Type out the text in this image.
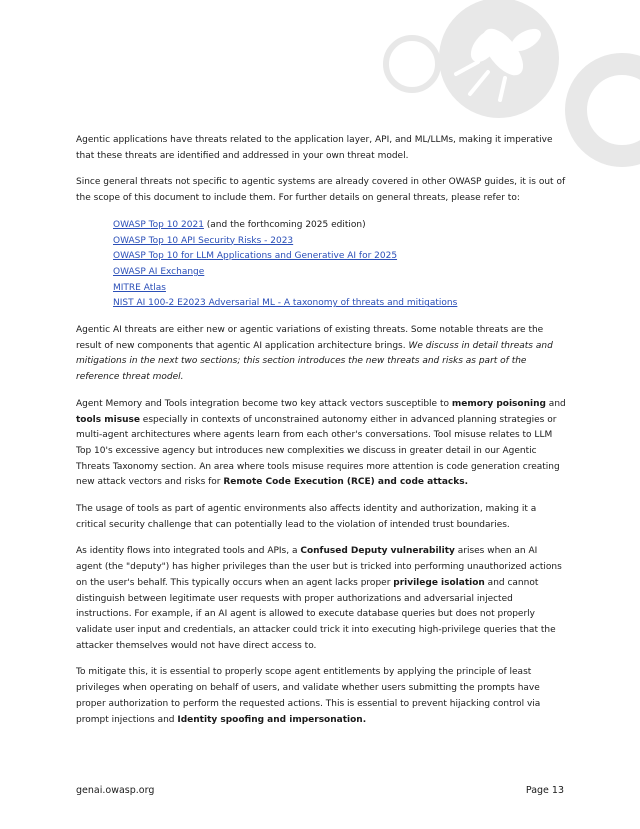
Agentic applications have threats related to the application layer, API, and ML/LLMs, making it imperative that these threats are identified and addressed in your own threat model.

Since general threats not specific to agentic systems are already covered in other OWASP guides, it is out of the scope of this document to include them. For further details on general threats, please refer to:

OWASP Top 10 2021 (and the forthcoming 2025 edition)
OWASP Top 10 API Security Risks - 2023
OWASP Top 10 for LLM Applications and Generative AI for 2025
OWASP AI Exchange
MITRE Atlas
NIST AI 100-2 E2023 Adversarial ML - A taxonomy of threats and mitigations

Agentic AI threats are either new or agentic variations of existing threats. Some notable threats are the result of new components that agentic AI application architecture brings. We discuss in detail threats and mitigations in the next two sections; this section introduces the new threats and risks as part of the reference threat model.

Agent Memory and Tools integration become two key attack vectors susceptible to memory poisoning and tools misuse especially in contexts of unconstrained autonomy either in advanced planning strategies or multi-agent architectures where agents learn from each other's conversations. Tool misuse relates to LLM Top 10's excessive agency but introduces new complexities we discuss in greater detail in our Agentic Threats Taxonomy section. An area where tools misuse requires more attention is code generation creating new attack vectors and risks for Remote Code Execution (RCE) and code attacks.

The usage of tools as part of agentic environments also affects identity and authorization, making it a critical security challenge that can potentially lead to the violation of intended trust boundaries.

As identity flows into integrated tools and APIs, a Confused Deputy vulnerability arises when an AI agent (the "deputy") has higher privileges than the user but is tricked into performing unauthorized actions on the user's behalf. This typically occurs when an agent lacks proper privilege isolation and cannot distinguish between legitimate user requests with proper authorizations and adversarial injected instructions. For example, if an AI agent is allowed to execute database queries but does not properly validate user input and credentials, an attacker could trick it into executing high-privilege queries that the attacker themselves would not have direct access to.

To mitigate this, it is essential to properly scope agent entitlements by applying the principle of least privileges when operating on behalf of users, and validate whether users submitting the prompts have proper authorization to perform the requested actions. This is essential to prevent hijacking control via prompt injections and Identity spoofing and impersonation.

genai.owasp.org	Page 13
